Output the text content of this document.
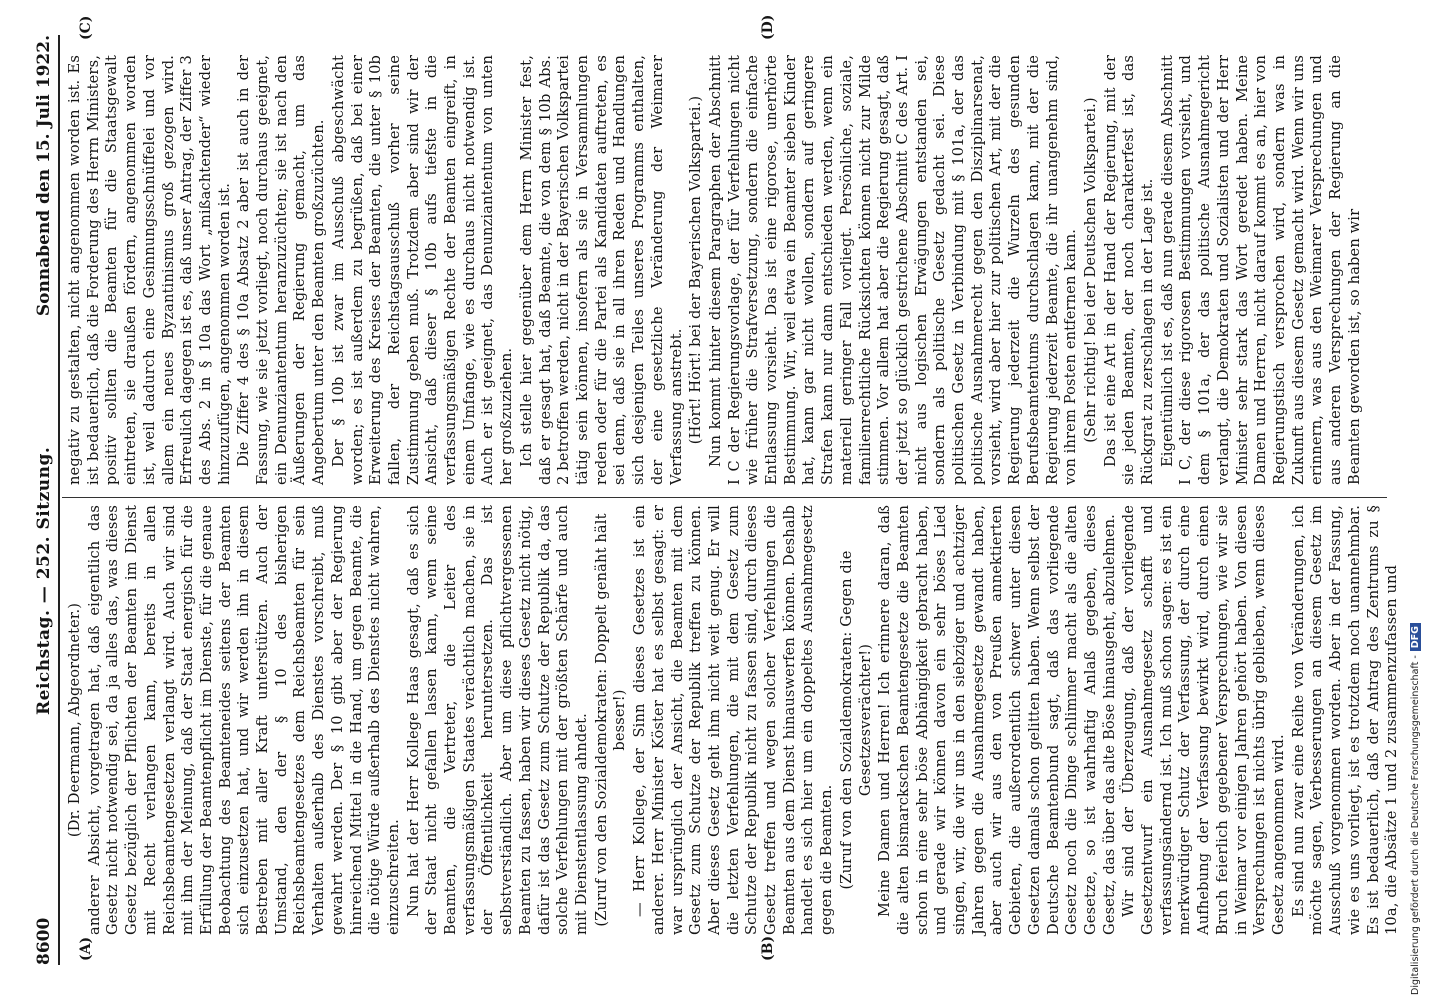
8600
Reichstag. — 252. Sitzung.
Sonnabend den 15. Juli 1922.
(A)	(B)
(C)	(D)

(Dr. Deermann, Abgeordneter.) anderer Absicht, vorgetragen hat, daß eigentlich das Gesetz nicht notwendig sei, da ja alles das, was dieses Gesetz bezüglich der Pflichten der Beamten im Dienst mit Recht verlangen kann, bereits in allen Reichsbeamtengesetzen verlangt wird. Auch wir sind mit ihm der Meinung, daß der Staat energisch für die Erfüllung der Beamtenpflicht im Dienste, für die genaue Beobachtung des Beamteneides seitens der Beamten sich einzusetzen hat, und wir werden ihn in diesem Bestreben mit aller Kraft unterstützen. Auch der Umstand, den der § 10 des bisherigen Reichsbeamtengesetzes dem Reichsbeamten für sein Verhalten außerhalb des Dienstes vorschreibt, muß gewahrt werden. Der § 10 gibt aber der Regierung hinreichend Mittel in die Hand, um gegen Beamte, die die nötige Würde außerhalb des Dienstes nicht wahren, einzuschreiten. Nun hat der Herr Kollege Haas gesagt, daß es sich der Staat nicht gefallen lassen kann, wenn seine Beamten, die Vertreter, die Leiter des verfassungsmäßigen Staates verächtlich machen, sie in der Öffentlichkeit heruntersetzen. Das ist selbstverständlich. Aber um diese pflichtvergessenen Beamten zu fassen, haben wir dieses Gesetz nicht nötig, dafür ist das Gesetz zum Schutze der Republik da, das solche Verfehlungen mit der größten Schärfe und auch mit Dienstentlassung ahndet. (Zuruf von den Sozialdemokraten: Doppelt genäht hält besser!) — Herr Kollege, der Sinn dieses Gesetzes ist ein anderer. Herr Minister Köster hat es selbst gesagt: er war ursprünglich der Ansicht, die Beamten mit dem Gesetz zum Schutze der Republik treffen zu können. Aber dieses Gesetz geht ihm nicht weit genug. Er will die letzten Verfehlungen, die mit dem Gesetz zum Schutze der Republik nicht zu fassen sind, durch dieses Gesetz treffen und wegen solcher Verfehlungen die Beamten aus dem Dienst hinauswerfen können. Deshalb handelt es sich hier um ein doppeltes Ausnahmegesetz gegen die Beamten. (Zuruf von den Sozialdemokraten: Gegen die Gesetzesverächter!) Meine Damen und Herren! Ich erinnere daran, daß die alten bismarckschen Beamtengesetze die Beamten schon in eine sehr böse Abhängigkeit gebracht haben, und gerade wir können davon ein sehr böses Lied singen, wir, die wir uns in den siebziger und achtziger Jahren gegen die Ausnahmegesetze gewandt haben, aber auch wir aus den von Preußen annektierten Gebieten, die außerordentlich schwer unter diesen Gesetzen damals schon gelitten haben. Wenn selbst der Deutsche Beamtenbund sagt, daß das vorliegende Gesetz noch die Dinge schlimmer macht als die alten Gesetze, so ist wahrhaftig Anlaß gegeben, dieses Gesetz, das über das alte Böse hinausgeht, abzulehnen. Wir sind der Überzeugung, daß der vorliegende Gesetzentwurf ein Ausnahmegesetz schafft und verfassungsändernd ist. Ich muß schon sagen: es ist ein merkwürdiger Schutz der Verfassung, der durch eine Aufhebung der Verfassung bewirkt wird, durch einen Bruch feierlich gegebener Versprechungen, wie wir sie in Weimar vor einigen Jahren gehört haben. Von diesen Versprechungen ist nichts übrig geblieben, wenn dieses Gesetz angenommen wird. Es sind nun zwar eine Reihe von Veränderungen, ich möchte sagen, Verbesserungen an diesem Gesetz im Ausschuß vorgenommen worden. Aber in der Fassung, wie es uns vorliegt, ist es trotzdem noch unannehmbar. Es ist bedauerlich, daß der Antrag des Zentrums zu § 10a, die Absätze 1 und 2 zusammenzufassen und

negativ zu gestalten, nicht angenommen worden ist. Es ist bedauerlich, daß die Forderung des Herrn Ministers, positiv sollten die Beamten für die Staatsgewalt eintreten, sie draußen fördern, angenommen worden ist, weil dadurch eine Gesinnungsschnüffelei und vor allem ein neues Byzantinismus groß gezogen wird. Erfreulich dagegen ist es, daß unser Antrag, der Ziffer 3 des Abs. 2 in § 10a das Wort „mißachtender“ wieder hinzuzufügen, angenommen worden ist. Die Ziffer 4 des § 10a Absatz 2 aber ist auch in der Fassung, wie sie jetzt vorliegt, noch durchaus geeignet, ein Denunziantentum heranzuzüchten; sie ist nach den Äußerungen der Regierung gemacht, um das Angebertum unter den Beamten großzuzüchten. Der § 10b ist zwar im Ausschuß abgeschwächt worden; es ist außerdem zu begrüßen, daß bei einer Erweiterung des Kreises der Beamten, die unter § 10b fallen, der Reichstagsausschuß vorher seine Zustimmung geben muß. Trotzdem aber sind wir der Ansicht, daß dieser § 10b aufs tiefste in die verfassungsmäßigen Rechte der Beamten eingreift, in einem Umfange, wie es durchaus nicht notwendig ist. Auch er ist geeignet, das Denunziantentum von unten her großzuziehen. Ich stelle hier gegenüber dem Herrn Minister fest, daß er gesagt hat, daß Beamte, die von dem § 10b Abs. 2 betroffen werden, nicht in der Bayerischen Volkspartei tätig sein können, insofern als sie in Versammlungen reden oder für die Partei als Kandidaten auftreten, es sei denn, daß sie in all ihren Reden und Handlungen sich desjenigen Teiles unseres Programms enthalten, der eine gesetzliche Veränderung der Weimarer Verfassung anstrebt. (Hört! Hört! bei der Bayerischen Volkspartei.) Nun kommt hinter diesem Paragraphen der Abschnitt I C der Regierungsvorlage, der für Verfehlungen nicht wie früher die Strafversetzung, sondern die einfache Entlassung vorsieht. Das ist eine rigorose, unerhörte Bestimmung. Wir, weil etwa ein Beamter sieben Kinder hat, kann gar nicht wollen, sondern auf geringere Strafen kann nur dann entschieden werden, wenn ein materiell geringer Fall vorliegt. Persönliche, soziale, familienrechtliche Rücksichten können nicht zur Milde stimmen. Vor allem hat aber die Regierung gesagt, daß der jetzt so glücklich gestrichene Abschnitt C des Art. I nicht aus logischen Erwägungen entstanden sei, sondern als politische Gesetz gedacht sei. Diese politischen Gesetz in Verbindung mit § 101a, der das politische Ausnahmerecht gegen den Disziplinarsenat, vorsieht, wird aber hier zur politischen Art, mit der die Regierung jederzeit die Wurzeln des gesunden Berufsbeamtentums durchschlagen kann, mit der die Regierung jederzeit Beamte, die ihr unangenehm sind, von ihrem Posten entfernen kann. (Sehr richtig! bei der Deutschen Volkspartei.) Das ist eine Art in der Hand der Regierung, mit der sie jeden Beamten, der noch charakterfest ist, das Rückgrat zu zerschlagen in der Lage ist. Eigentümlich ist es, daß nun gerade diesem Abschnitt I C, der diese rigorosen Bestimmungen vorsieht, und dem § 101a, der das politische Ausnahmegericht verlangt, die Demokraten und Sozialisten und der Herr Minister sehr stark das Wort geredet haben. Meine Damen und Herren, nicht darauf kommt es an, hier von Regierungstisch versprochen wird, sondern was in Zukunft aus diesem Gesetz gemacht wird. Wenn wir uns erinnern, was aus den Weimarer Versprechungen und aus anderen Versprechungen der Regierung an die Beamten geworden ist, so haben wir

Digitalisierung gefördert durch die Deutsche Forschungsgemeinschaft -DFG
